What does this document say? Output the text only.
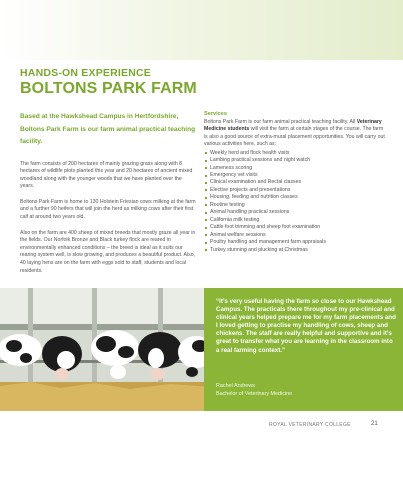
HANDS-ON EXPERIENCE
BOLTONS PARK FARM

Based at the Hawkshead Campus in Hertfordshire, Boltons Park Farm is our farm animal practical teaching facility.

The farm consists of 200 hectares of mainly grazing grass along with 8 hectares of wildlife plots planted this year and 20 hectares of ancient mixed woodland along with the younger woods that we have planted over the years.

Boltons Park Farm is home to 130 Holstein Friesian cows milking at the farm and a further 90 heifers that will join the herd as milking cows after their first calf at around two years old.

Also on the farm are 400 sheep of mixed breeds that mostly graze all year in the fields. Our Norfolk Bronze and Black turkey flock are reared in environmentally enhanced conditions – the breed is ideal as it suits our rearing system well, is slow growing, and produces a beautiful product. Also, 40 laying hens are on the farm with eggs sold to staff, students and local residents.

Services

Boltons Park Farm is our farm animal practical teaching facility. All Veterinary Medicine students will visit the farm at certain stages of the course. The farm is also a good source of extra-mural placement opportunities. You will carry out various activities here, such as:

Weekly herd and flock health visits
Lambing practical sessions and night watch
Lameness scoring
Emergency vet visits
Clinical examination and Rectal classes
Elective projects and presentations
Housing, feeding and nutrition classes
Routine testing
Animal handling practical sessions
California milk testing
Cattle foot trimming and sheep foot examination
Animal welfare sessions
Poultry handling and management farm appraisals
Turkey stunning and plucking at Christmas

“It’s very useful having the farm so close to our Hawkshead Campus. The practicals there throughout my pre-clinical and clinical years helped prepare me for my farm placements and I loved getting to practise my handling of cows, sheep and chickens. The staff are really helpful and supportive and it’s great to transfer what you are learning in the classroom into a real farming context.”

Rachel Andrews
Bachelor of Veterinary Medicine
ROYAL VETERINARY COLLEGE	21
